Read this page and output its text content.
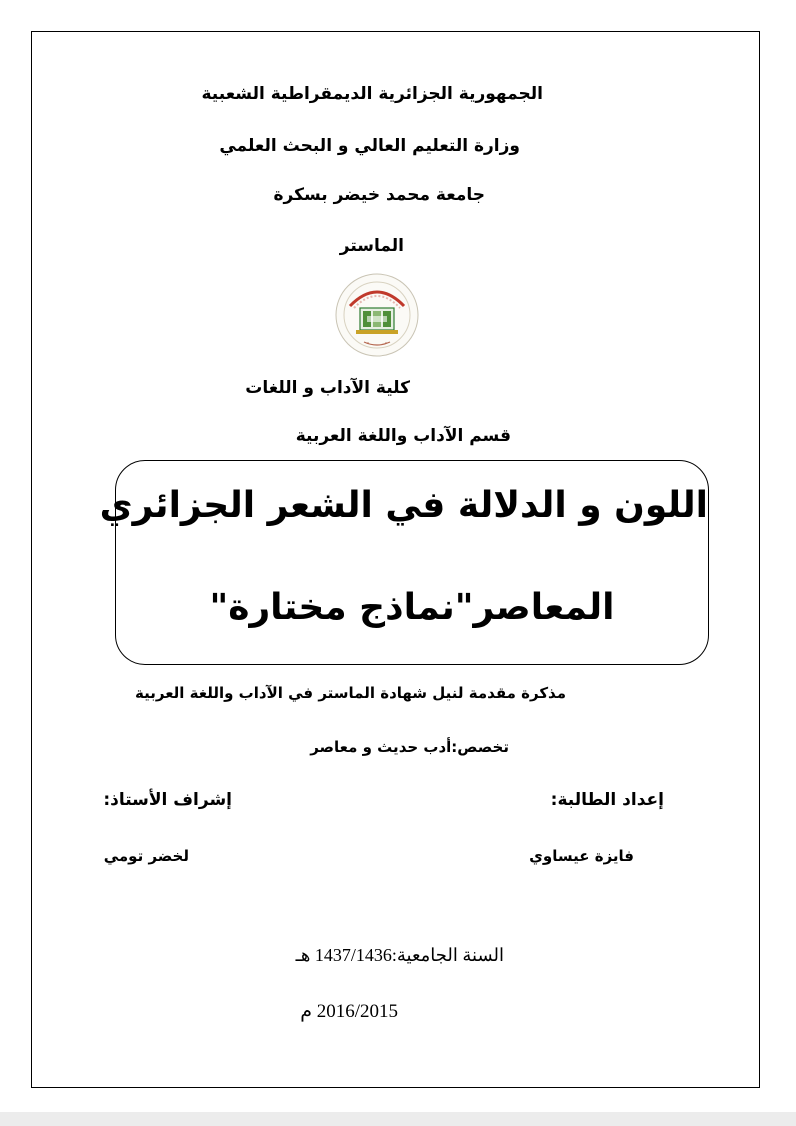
الجمهورية الجزائرية الديمقراطية الشعبية
وزارة التعليم العالي و البحث العلمي
جامعة محمد خيضر بسكرة
الماستر
كلية الآداب و اللغات
قسم الآداب واللغة العربية
اللون و الدلالة في الشعر الجزائري
المعاصر"نماذج مختارة"
مذكرة مقدمة لنيل شهادة الماستر في الآداب واللغة العربية
تخصص:أدب حديث و معاصر
إعداد الطالبة:
إشراف الأستاذ:
فايزة عيساوي
لخضر تومي
السنة الجامعية:1437/1436 هـ
2016/2015 م
